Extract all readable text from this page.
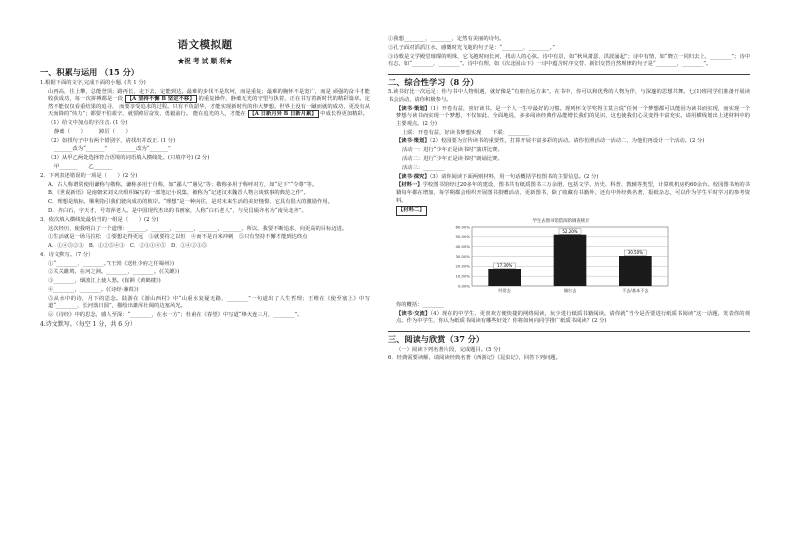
语文模拟题
★祝 考 试 顺 利★
一、积累与运用 （15 分）
1.根据下面的文字,完成下面的小题. (共 1 分)
山再高，往上攀，总能登顶；路再长，走下去，定能到达。最难的步伐不是坎坷，而是重复；最难的胸怀不是宽广，而是 顽强的奋斗才能收获成功，每一次拼搏都是一段 【A 坚持不懈 B 坚定不移】 的重复操作，静谧无光的守望与执着，正在书写着新时代的精彩篇章。定然不能仅仅看重结果的追寻， 而要享受追求的过程。只有不负韶华，才能实现新时代的伟大梦想。世界上没有一蹴而就的成功，更没有从天而降的“伟力”；都要不怕艰辛，就要踔厉奋发、勇毅前行。 能在追光的人，才能在 【A 日新月异 B 日新月累】 中成长得更加精彩。
（1）给文中加点的字注音. (1 分)
静谧（　　）　　　踔厉（　　）
（2）如找句子中有两个错别字，请找出并改正. (1 分)
_______改为“_______”　　_______改为“_______”
（3）从甲乙两处选择符合语境的词语填入横线处。(只填序号) (2 分)
甲_______　　乙_______
2．下列表述错误的一项是（　　）(2 分)
A．古人称谓常使用谦称与敬称。谦称多用于自称，如“鄙人”“愚兄”等；敬称多用于称呼对方，如“足下”“令尊”等。
B．《世说新语》是南朝宋刘义庆组织编写的一部笔记小说集，被称为“记述汉末魏晋人物言谈轶事的典范之作”。
C．理想是航标，顺利指引我们驶向成功的彼岸。“理想”是一种向往，是对未来生活的美好憧憬，它具有很大的激励作用。
D．齐白石，字天才，号寄萍老人。是中国现代杰出的书画家，人称“白石老人”，与吴昌硕齐名为“南吴北齐”。
3．依次填入横线处最恰当的一组是（　　）(2 分)
这次经历，使我明白了一个道理：_______，_______，_______，_______，_______，所以，我要不断追求，向更高的目标迈进。
①生活就是一场马拉松　②要想走得更远　③就要持之以恒　④而不是百米冲刺　⑤只有坚持不懈才能到达终点
A．①④⑤②③　B．①②⑤④③　C．②③①④⑤　D．①④②③⑤
4．诗文默写。（7 分）
①“________，________。”(王勃《送杜少府之任蜀州》)
②关关雎鸠，在河之洲。________，________。(《关雎》)
③________，烟波江上使人愁。(崔颢《黄鹤楼》)
④________，________。(《诗经·蒹葭》)
⑤从水中的诗，月下的思念。陆游在《游山西村》中“山重水复疑无路，________”一句道出了人生哲理；王维在《使至塞上》中写道“________，长河落日圆”，描绘出雄浑壮阔的边塞风光。
⑥《诗经》中的思念，感人至深：“________，在水一方”；杜甫在《春望》中写道“烽火连三月，________”。
4.诗文默写。（每空 1 分，共 6 分）
①我想________，________，定然有美丽的诗句。
②孔子面对滔滔江水，感慨时光飞逝的句子是：“________，________。”
③诗歌是文学殿堂璀璨的明珠，它飞越时间长河，找动人的心弦。诗中有景，如“秋风萧瑟，洪波涌起”；诗中有情，如“晓立一同归去上，________”；诗中有志，如“________，________”。诗中有理，如《次北固山下》一诗中蕴含时序交替、新旧交替自然规律的句子是“________，________”。
二、综合性学习（8 分）
5.读书好比一次远足：你与书中人物相遇，就好像是“有朋自远方来”。在书中，你可以和优秀的人物为伴，与深邃的思想共舞。七(1)班同学们准备开展读书会活动，请你积极参与。
【读书·策划】（1）开卷有益，喜好读书。是一个人一生中最好的习惯。现列怀文学奖得主莫言说“任何一个梦想都可以能因为读书而实现，而实现一个梦想与读书而实现一个梦想，不仅如此，全面地说，多多阅读经典作品能增长我们的见识，这也使我们心灵变得丰富充实。请用横线划出上述材料中的主要观点。(2 分)
上联：开卷有益，好读书梦想实现　　下联：________
【读书·策划】（2）校园要为宣传读书的重要性，打算开展丰富多彩的活动。请你仿照活动一活动二，为他们再设计一个活动。(2 分)
活动一：进行“少年正是读书时”演讲比赛。
活动二：进行“少年正是读书时”朗诵比赛。
活动三：________
【读书·探究】（3）请你阅读下面两则材料，用一句话概括学校图书的主要信息。(2 分)
【材料一】学校图书馆经过20多年的建设，图书共有纸质图书三万余册，包括文学、历史、科普、教辅等类型，计算机机房约60余台。校园图书角的书籍每年都在增加，每学期都会组织开展图书捐赠活动，更新图书，除了收藏有书籍外，还有中外经典名著，报纸杂志，可以作为学生平时学习的参考资料。
【材料二】
学生去图书馆借阅的调查统计
0.00%
10.00%
20.00%
30.00%
40.00%
50.00%
60.00%
17.30%
经常去
52.20%
偶尔去
30.50%
不去/基本不去
你的概括：________
【读书·交流】（4）现在的中学生，更喜欢方便快捷的网络阅读，玩少进行纸质书籍阅读。请你就“当今是否要进行纸质书阅读”这一话题，发表你的观点。作为中学生，你认为纸质书阅读有哪些好处？你将如何向同学推广纸质书阅读？(2 分)
三、阅读与欣赏（37 分）
（一）阅读下列名著片段，完成题目。(5 分)
6．经典需要读解，请阅读经典名著《西游记》《昆虫记》，回答下列问题。
